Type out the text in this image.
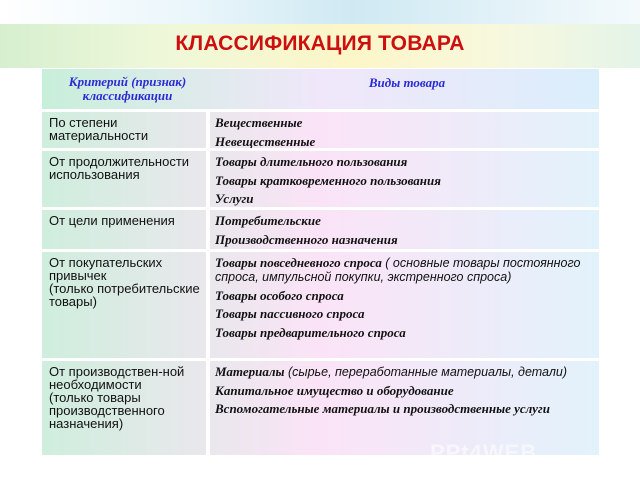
КЛАССИФИКАЦИЯ ТОВАРА
Критерий (признак) классификации
Виды товара
По степени материальности
Вещественные
Невещественные
От продолжительности использования
Товары длительного пользования
Товары кратковременного пользования
Услуги
От цели применения	Потребительские
Производственного назначения
От покупательских привычек
(только потребительские товары)
Товары повседневного спроса ( основные товары постоянного спроса, импульсной покупки, экстренного спроса)
Товары особого спроса
Товары пассивного спроса
Товары предварительного спроса
От производствен-ной необходимости
(только товары производственного назначения)
Материалы (сырье, переработанные материалы, детали)
Капитальное имущество и оборудование
Вспомогательные материалы и производственные услуги
PPt4WEB
